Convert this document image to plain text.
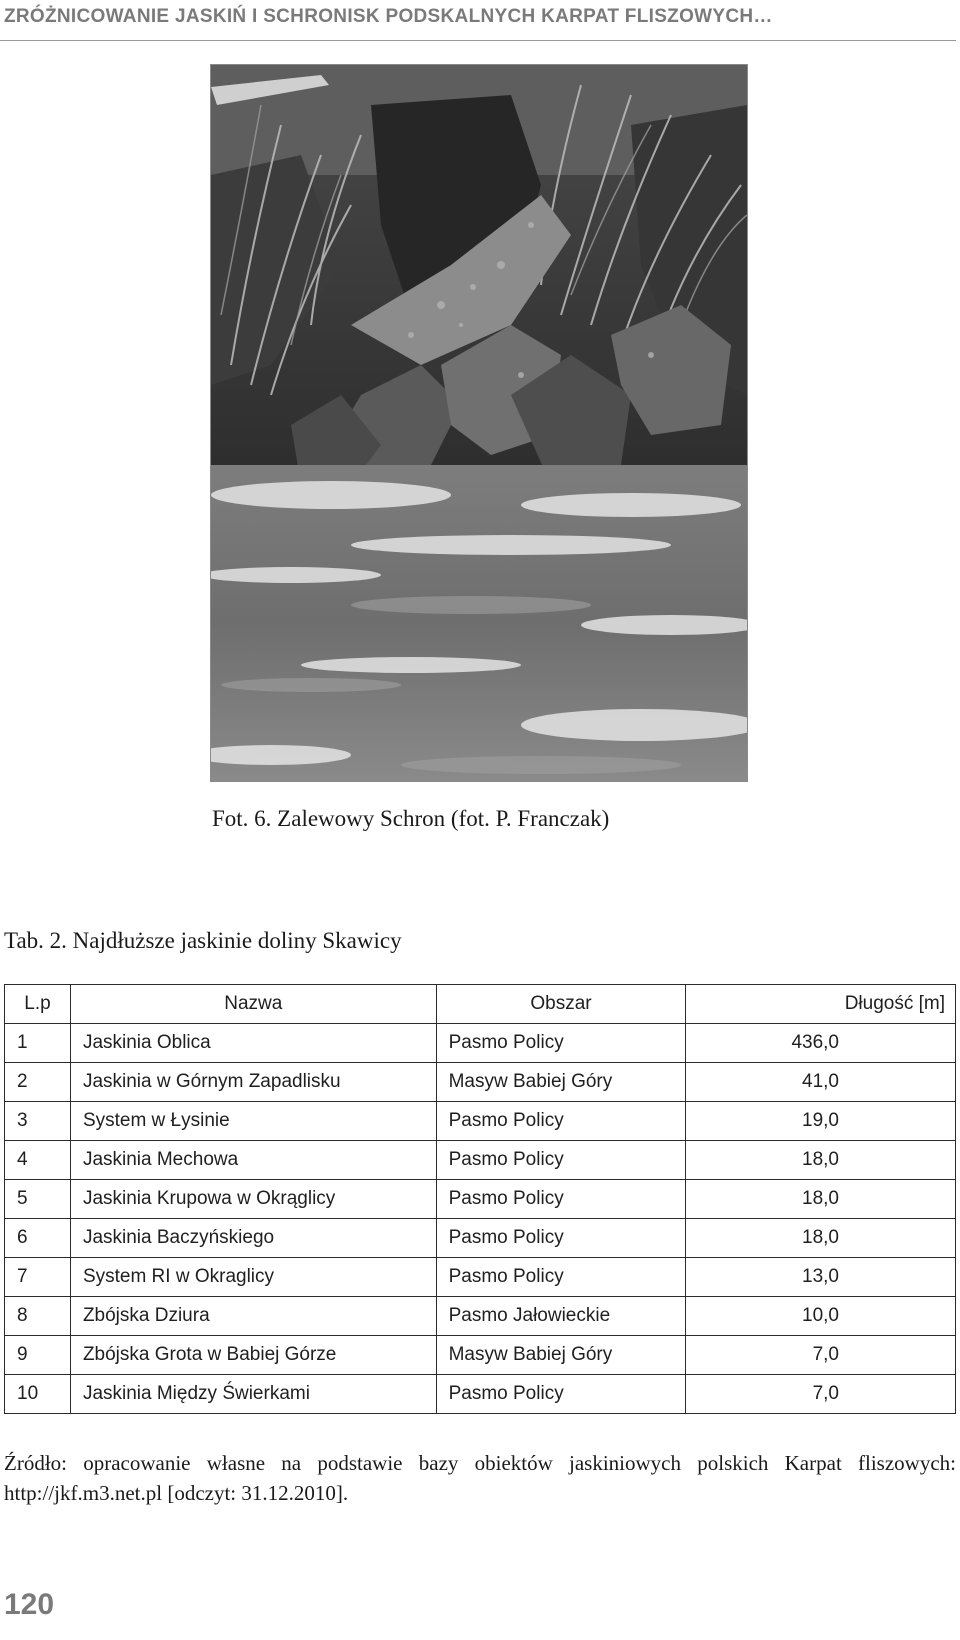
ZRÓŻNICOWANIE JASKIŃ I SCHRONISK PODSKALNYCH KARPAT FLISZOWYCH…
Fot. 6. Zalewowy Schron (fot. P. Franczak)
Tab. 2. Najdłuższe jaskinie doliny Skawicy
L.p	Nazwa	Obszar	Długość [m]
1	Jaskinia Oblica	Pasmo Policy	436,0
2	Jaskinia w Górnym Zapadlisku	Masyw Babiej Góry	41,0
3	System w Łysinie	Pasmo Policy	19,0
4	Jaskinia Mechowa	Pasmo Policy	18,0
5	Jaskinia Krupowa w Okrąglicy	Pasmo Policy	18,0
6	Jaskinia Baczyńskiego	Pasmo Policy	18,0
7	System RI w Okraglicy	Pasmo Policy	13,0
8	Zbójska Dziura	Pasmo Jałowieckie	10,0
9	Zbójska Grota w Babiej Górze	Masyw Babiej Góry	7,0
10	Jaskinia Między Świerkami	Pasmo Policy	7,0
Źródło: opracowanie własne na podstawie bazy obiektów jaskiniowych polskich Karpat fliszowych: http://jkf.m3.net.pl [odczyt: 31.12.2010].
120
